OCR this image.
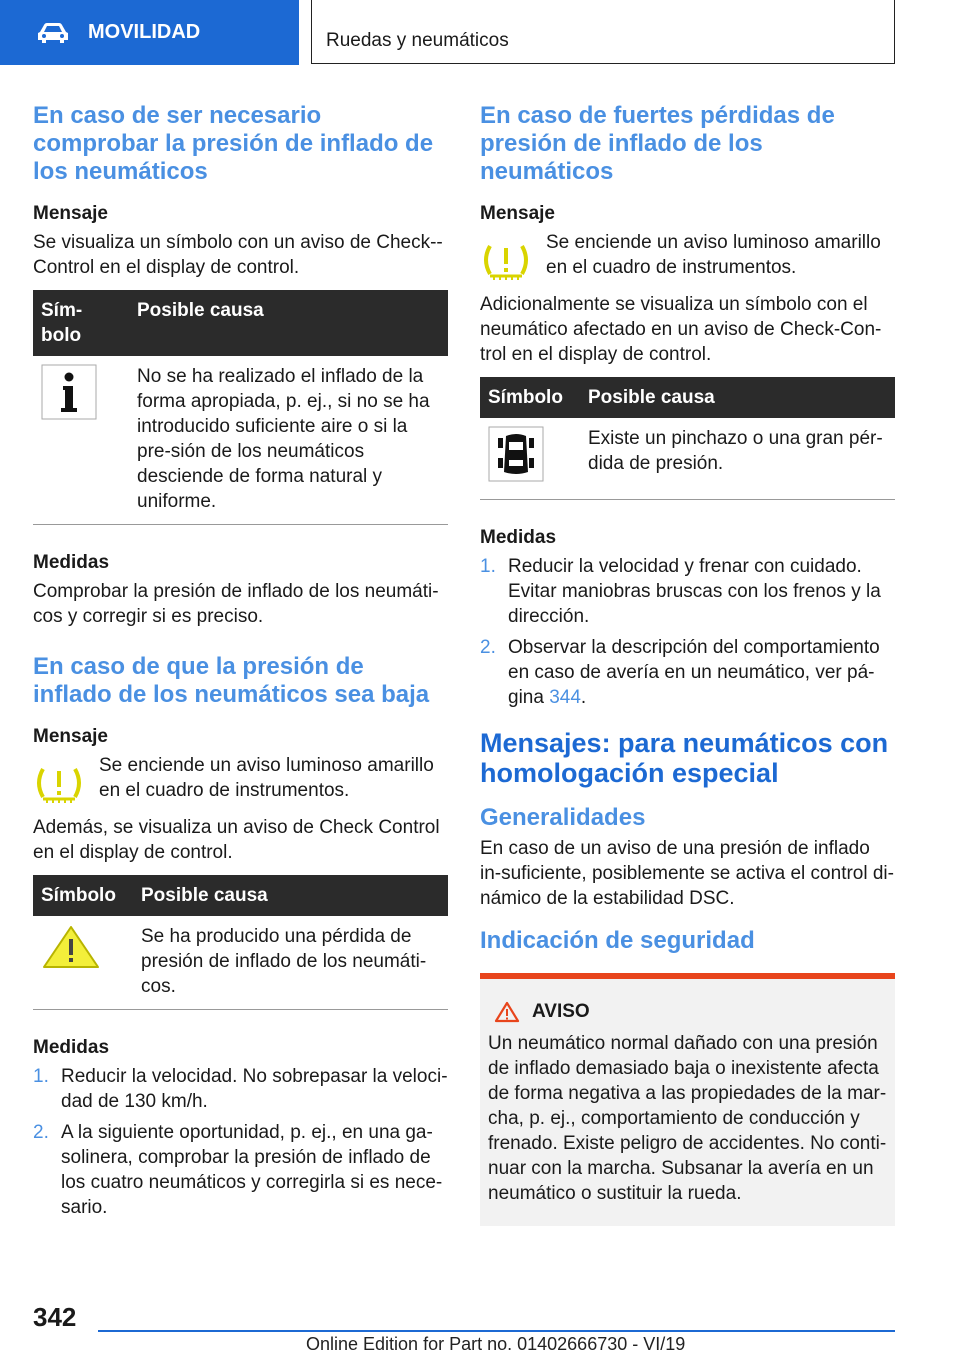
MOVILIDAD	Ruedas y neumáticos
En caso de ser necesario comprobar la presión de inflado de los neumáticos
Mensaje

Se visualiza un símbolo con un aviso de Check--Control en el display de control.

Sím-bolo	Posible causa
	No se ha realizado el inflado de la forma apropiada, p. ej., si no se ha introducido suficiente aire o si la pre-sión de los neumáticos desciende de forma natural y uniforme.
Medidas

Comprobar la presión de inflado de los neumáti-cos y corregir si es preciso.

En caso de que la presión de inflado de los neumáticos sea baja
Mensaje

Se enciende un aviso luminoso amarillo en el cuadro de instrumentos.

Además, se visualiza un aviso de Check Control en el display de control.

Símbolo	Posible causa
	Se ha producido una pérdida de presión de inflado de los neumáti-cos.
Medidas
1. Reducir la velocidad. No sobrepasar la veloci-dad de 130 km/h.
2. A la siguiente oportunidad, p. ej., en una ga-solinera, comprobar la presión de inflado de los cuatro neumáticos y corregirla si es nece-sario.
En caso de fuertes pérdidas de presión de inflado de los neumáticos
Mensaje

Se enciende un aviso luminoso amarillo en el cuadro de instrumentos.

Adicionalmente se visualiza un símbolo con el neumático afectado en un aviso de Check-Con-trol en el display de control.

Símbolo	Posible causa
	Existe un pinchazo o una gran pér-dida de presión.
Medidas
1. Reducir la velocidad y frenar con cuidado. Evitar maniobras bruscas con los frenos y la dirección.
2. Observar la descripción del comportamiento en caso de avería en un neumático, ver pá-gina 344.
Mensajes: para neumáticos con homologación especial
Generalidades

En caso de un aviso de una presión de inflado in-suficiente, posiblemente se activa el control di-námico de la estabilidad DSC.

Indicación de seguridad
AVISO

Un neumático normal dañado con una presión de inflado demasiado baja o inexistente afecta de forma negativa a las propiedades de la mar-cha, p. ej., comportamiento de conducción y frenado. Existe peligro de accidentes. No conti-nuar con la marcha. Subsanar la avería en un neumático o sustituir la rueda.

342
Online Edition for Part no. 01402666730 - VI/19
